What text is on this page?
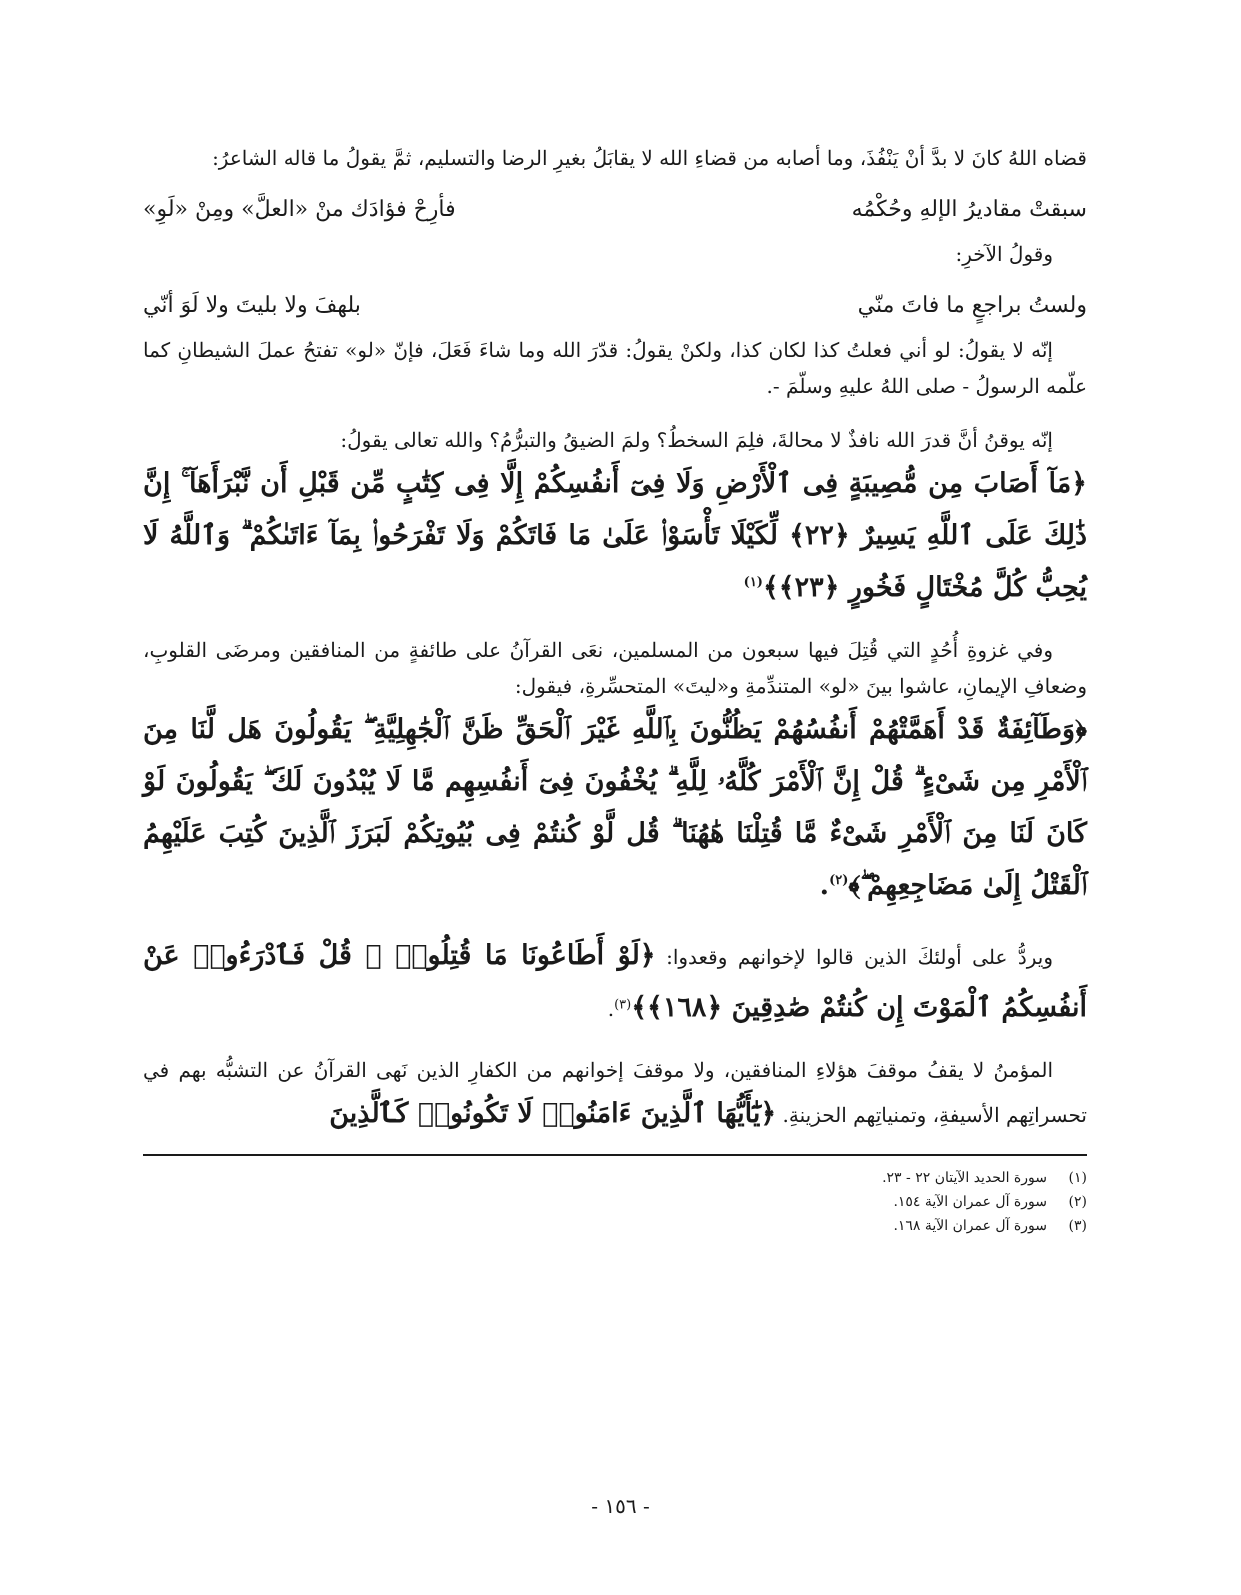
قضاه اللهُ كانَ لا بدَّ أنْ يَنْفُذَ، وما أصابه من قضاءِ الله لا يقابَلُ بغيرِ الرضا والتسليم، ثمَّ يقولُ ما قاله الشاعرُ:

سبقتْ مقاديرُ الإلهِ وحُكْمُه
فأرِحْ فؤادَك منْ «العلَّ» ومِنْ «لَوِ»

وقولُ الآخرِ:

ولستُ براجعٍ ما فاتَ منّي
بلهفَ ولا بليتَ ولا لَوَ أنّي

إنّه لا يقولُ: لو أني فعلتُ كذا لكان كذا، ولكنْ يقولُ: قدّرَ الله وما شاءَ فَعَلَ، فإنّ «لو» تفتحُ عملَ الشيطانِ كما علّمه الرسولُ - صلى اللهُ عليهِ وسلّمَ -.

إنّه يوقنُ أنَّ قدرَ الله نافذٌ لا محالةَ، فلِمَ السخطُ؟ ولمَ الضيقُ والتبرُّمُ؟ والله تعالى يقولُ:

﴿مَآ أَصَابَ مِن مُّصِيبَةٍ فِى ٱلْأَرْضِ وَلَا فِىٓ أَنفُسِكُمْ إِلَّا فِى كِتَٰبٍ مِّن قَبْلِ أَن نَّبْرَأَهَآ ۚ إِنَّ ذَٰلِكَ عَلَى ٱللَّهِ يَسِيرٌ ﴿٢٢﴾ لِّكَيْلَا تَأْسَوْا۟ عَلَىٰ مَا فَاتَكُمْ وَلَا تَفْرَحُوا۟ بِمَآ ءَاتَىٰكُمْ ۗ وَٱللَّهُ لَا يُحِبُّ كُلَّ مُخْتَالٍ فَخُورٍ ﴿٢٣﴾﴾$^{(١)}$

وفي غزوةِ أُحُدٍ التي قُتِلَ فيها سبعون من المسلمين، نعَى القرآنُ على طائفةٍ من المنافقين ومرضَى القلوبِ، وضعافِ الإيمانِ، عاشوا بينَ «لو» المتندِّمةِ و«ليتَ» المتحسِّرةِ، فيقول:

﴿وَطَآئِفَةٌ قَدْ أَهَمَّتْهُمْ أَنفُسُهُمْ يَظُنُّونَ بِٱللَّهِ غَيْرَ ٱلْحَقِّ ظَنَّ ٱلْجَٰهِلِيَّةِ ۖ يَقُولُونَ هَل لَّنَا مِنَ ٱلْأَمْرِ مِن شَىْءٍ ۗ قُلْ إِنَّ ٱلْأَمْرَ كُلَّهُۥ لِلَّهِ ۗ يُخْفُونَ فِىٓ أَنفُسِهِم مَّا لَا يُبْدُونَ لَكَ ۖ يَقُولُونَ لَوْ كَانَ لَنَا مِنَ ٱلْأَمْرِ شَىْءٌ مَّا قُتِلْنَا هَٰهُنَا ۗ قُل لَّوْ كُنتُمْ فِى بُيُوتِكُمْ لَبَرَزَ ٱلَّذِينَ كُتِبَ عَلَيْهِمُ ٱلْقَتْلُ إِلَىٰ مَضَاجِعِهِمْ ۖ﴾$^{(٢)}$.

ويردُّ على أولئكَ الذين قالوا لإخوانهم وقعدوا: ﴿لَوْ أَطَاعُونَا مَا قُتِلُوا۟ ۗ قُلْ فَٱدْرَءُوا۟ عَنْ أَنفُسِكُمُ ٱلْمَوْتَ إِن كُنتُمْ صَٰدِقِينَ ﴿١٦٨﴾﴾$^{(٣)}$.

المؤمنُ لا يقفُ موقفَ هؤلاءِ المنافقين، ولا موقفَ إخوانهم من الكفارِ الذين نَهى القرآنُ عن التشبُّه بهم في تحسراتِهم الأسيفةِ، وتمنياتِهم الحزينةِ. ﴿يَٰٓأَيُّهَا ٱلَّذِينَ ءَامَنُوا۟ لَا تَكُونُوا۟ كَٱلَّذِينَ

(١)
سورة الحديد الآيتان ٢٢ - ٢٣.
(٢)
سورة آل عمران الآية ١٥٤.
(٣)
سورة آل عمران الآية ١٦٨.
- ١٥٦ -
